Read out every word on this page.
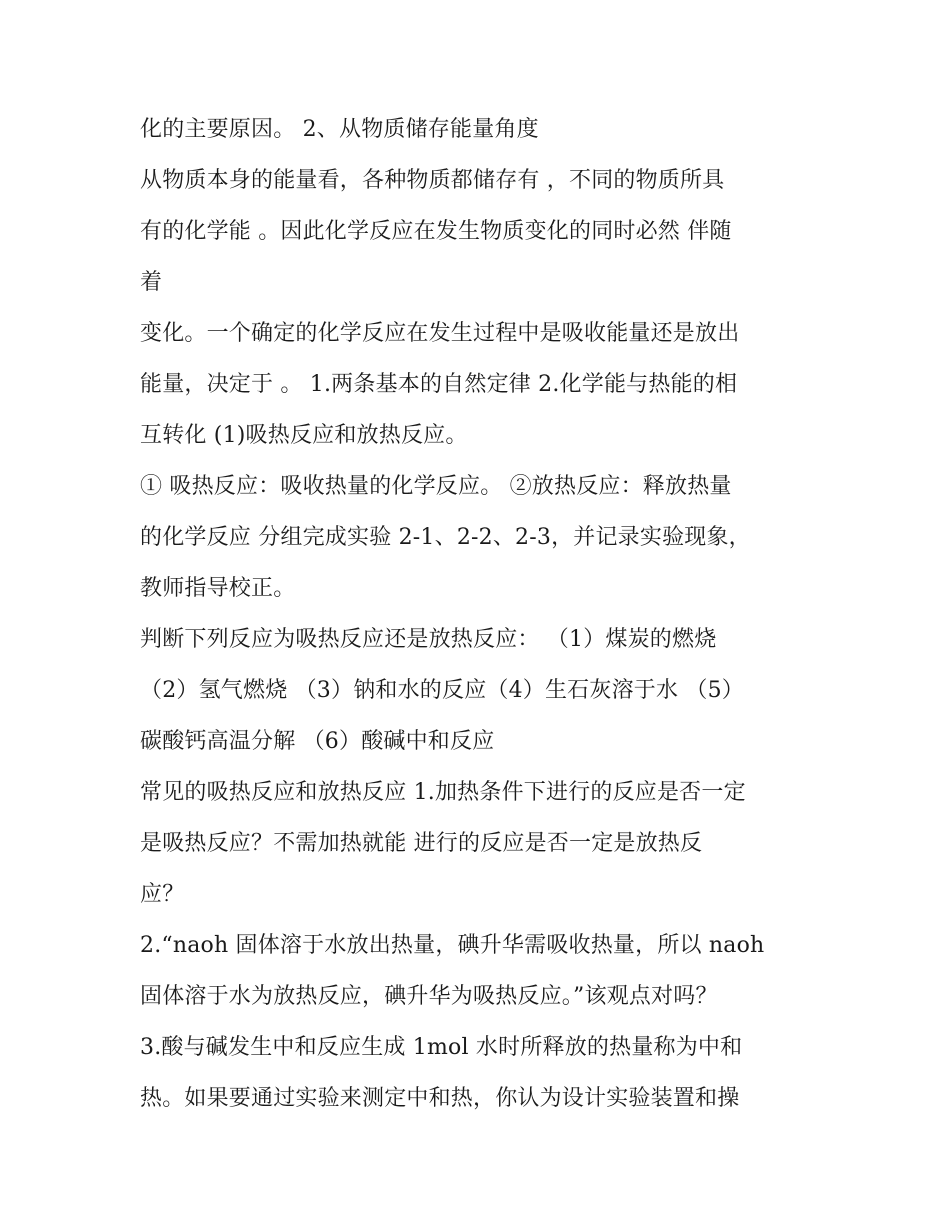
化的主要原因。 2、从物质储存能量角度
从物质本身的能量看，各种物质都储存有 ，不同的物质所具
有的化学能 。因此化学反应在发生物质变化的同时必然 伴随
着
变化。一个确定的化学反应在发生过程中是吸收能量还是放出
能量，决定于 。 1.两条基本的自然定律 2.化学能与热能的相
互转化 (1)吸热反应和放热反应。
① 吸热反应：吸收热量的化学反应。 ②放热反应：释放热量
的化学反应 分组完成实验 2-1、2-2、2-3，并记录实验现象，
教师指导校正。
判断下列反应为吸热反应还是放热反应： （1）煤炭的燃烧
（2）氢气燃烧 （3）钠和水的反应（4）生石灰溶于水 （5）
碳酸钙高温分解 （6）酸碱中和反应
常见的吸热反应和放热反应 1.加热条件下进行的反应是否一定
是吸热反应？不需加热就能 进行的反应是否一定是放热反
应？
2.“naoh 固体溶于水放出热量，碘升华需吸收热量，所以 naoh
固体溶于水为放热反应，碘升华为吸热反应。”该观点对吗？
3.酸与碱发生中和反应生成 1mol 水时所释放的热量称为中和
热。如果要通过实验来测定中和热，你认为设计实验装置和操
